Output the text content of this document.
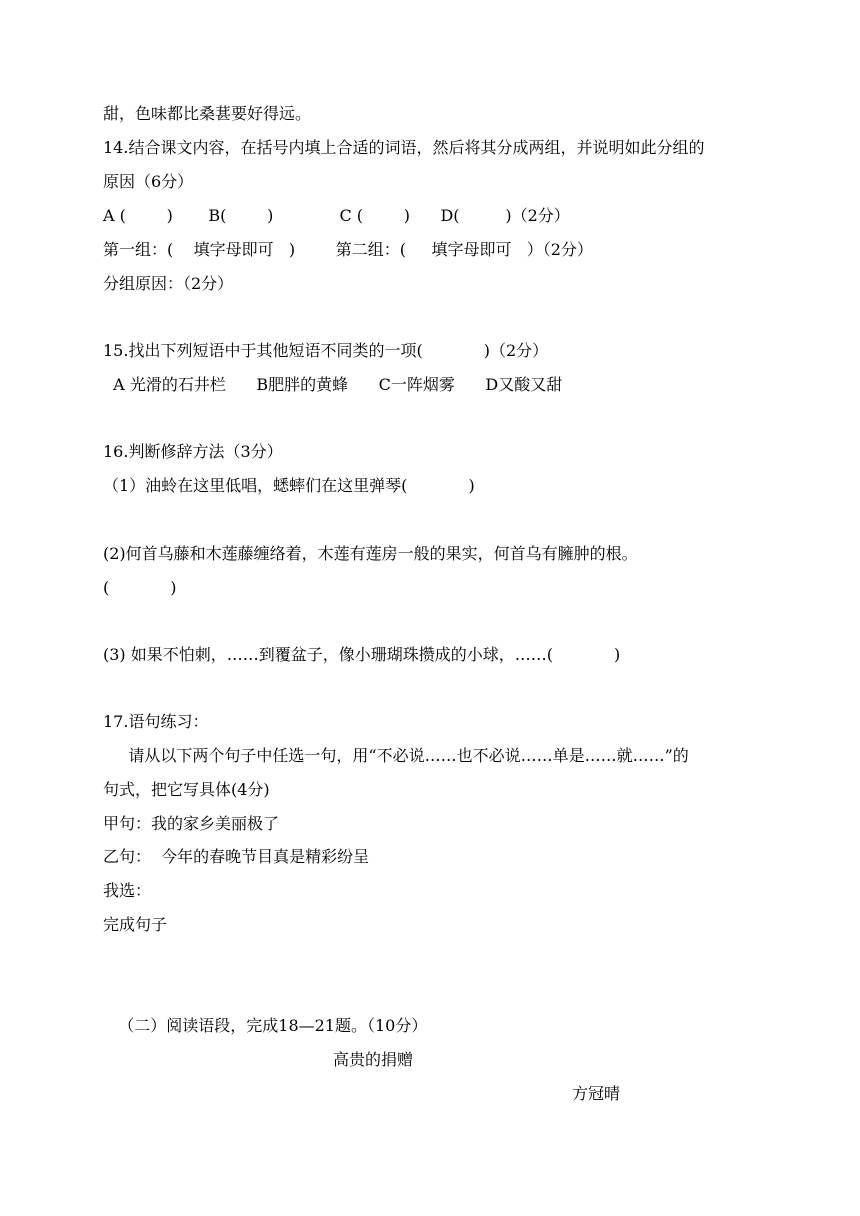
甜，色味都比桑葚要好得远。
14.结合课文内容，在括号内填上合适的词语，然后将其分成两组，并说明如此分组的
原因（6分）
A (        )       B(        )             C (        )      D(         )（2分）
第一组：(    填字母即可   )        第二组：(     填字母即可   ）（2分）
分组原因：（2分）
15.找出下列短语中于其他短语不同类的一项(            )（2分）
A 光滑的石井栏      B肥胖的黄蜂      C一阵烟雾      D又酸又甜
16.判断修辞方法（3分）
（1）油蛉在这里低唱，蟋蟀们在这里弹琴(            )
(2)何首乌藤和木莲藤缠络着，木莲有莲房一般的果实，何首乌有臃肿的根。
(            )
(3) 如果不怕刺，……到覆盆子，像小珊瑚珠攒成的小球，……(            )
17.语句练习：
请从以下两个句子中任选一句，用“不必说……也不必说……单是……就……”的
句式，把它写具体(4分)
甲句：我的家乡美丽极了
乙句：  今年的春晚节目真是精彩纷呈
我选：
完成句子
（二）阅读语段，完成18—21题。（10分）
高贵的捐赠
方冠晴
